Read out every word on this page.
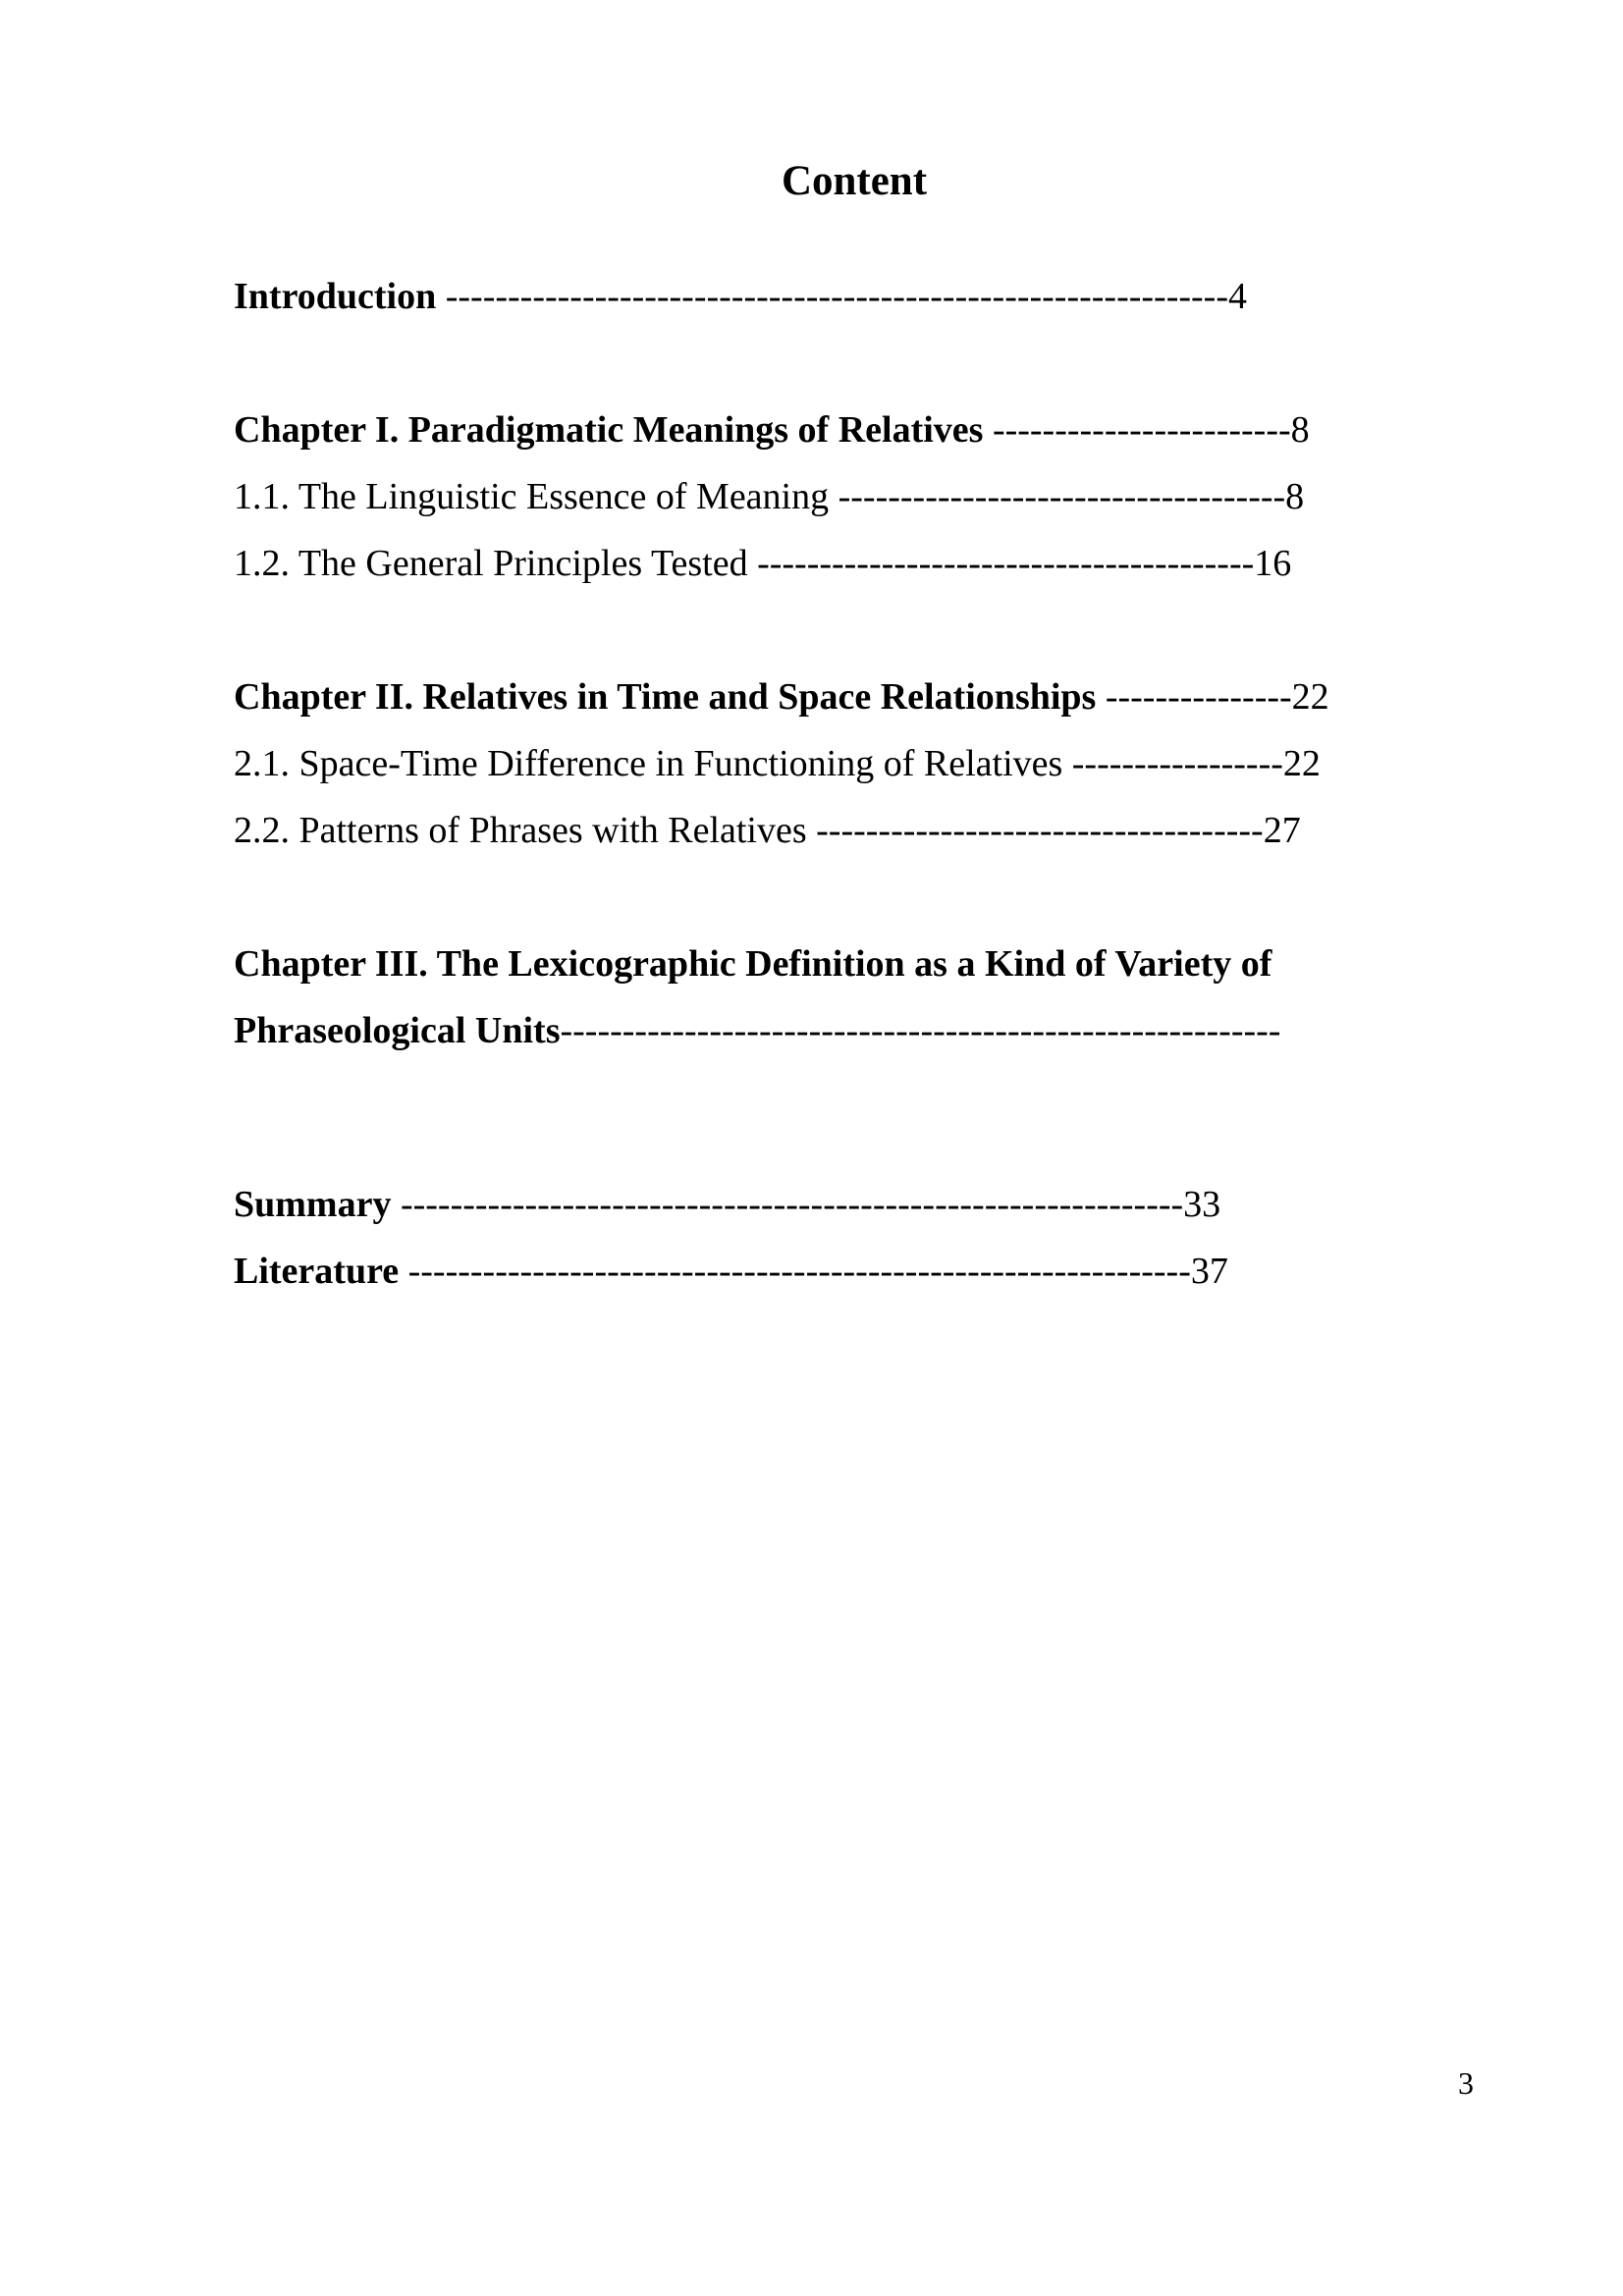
Content
Introduction ---------------------------------------------------------------4
Chapter I. Paradigmatic Meanings of Relatives ------------------------8
1.1. The Linguistic Essence of Meaning ------------------------------------8
1.2. The General Principles Tested ----------------------------------------16
Chapter II. Relatives in Time and Space Relationships ---------------22
2.1. Space-Time Difference in Functioning of Relatives -----------------22
2.2. Patterns of Phrases with Relatives ------------------------------------27
Chapter III. The Lexicographic Definition as a Kind of Variety of
Phraseological Units----------------------------------------------------------
Summary ---------------------------------------------------------------33
Literature ---------------------------------------------------------------37
3
